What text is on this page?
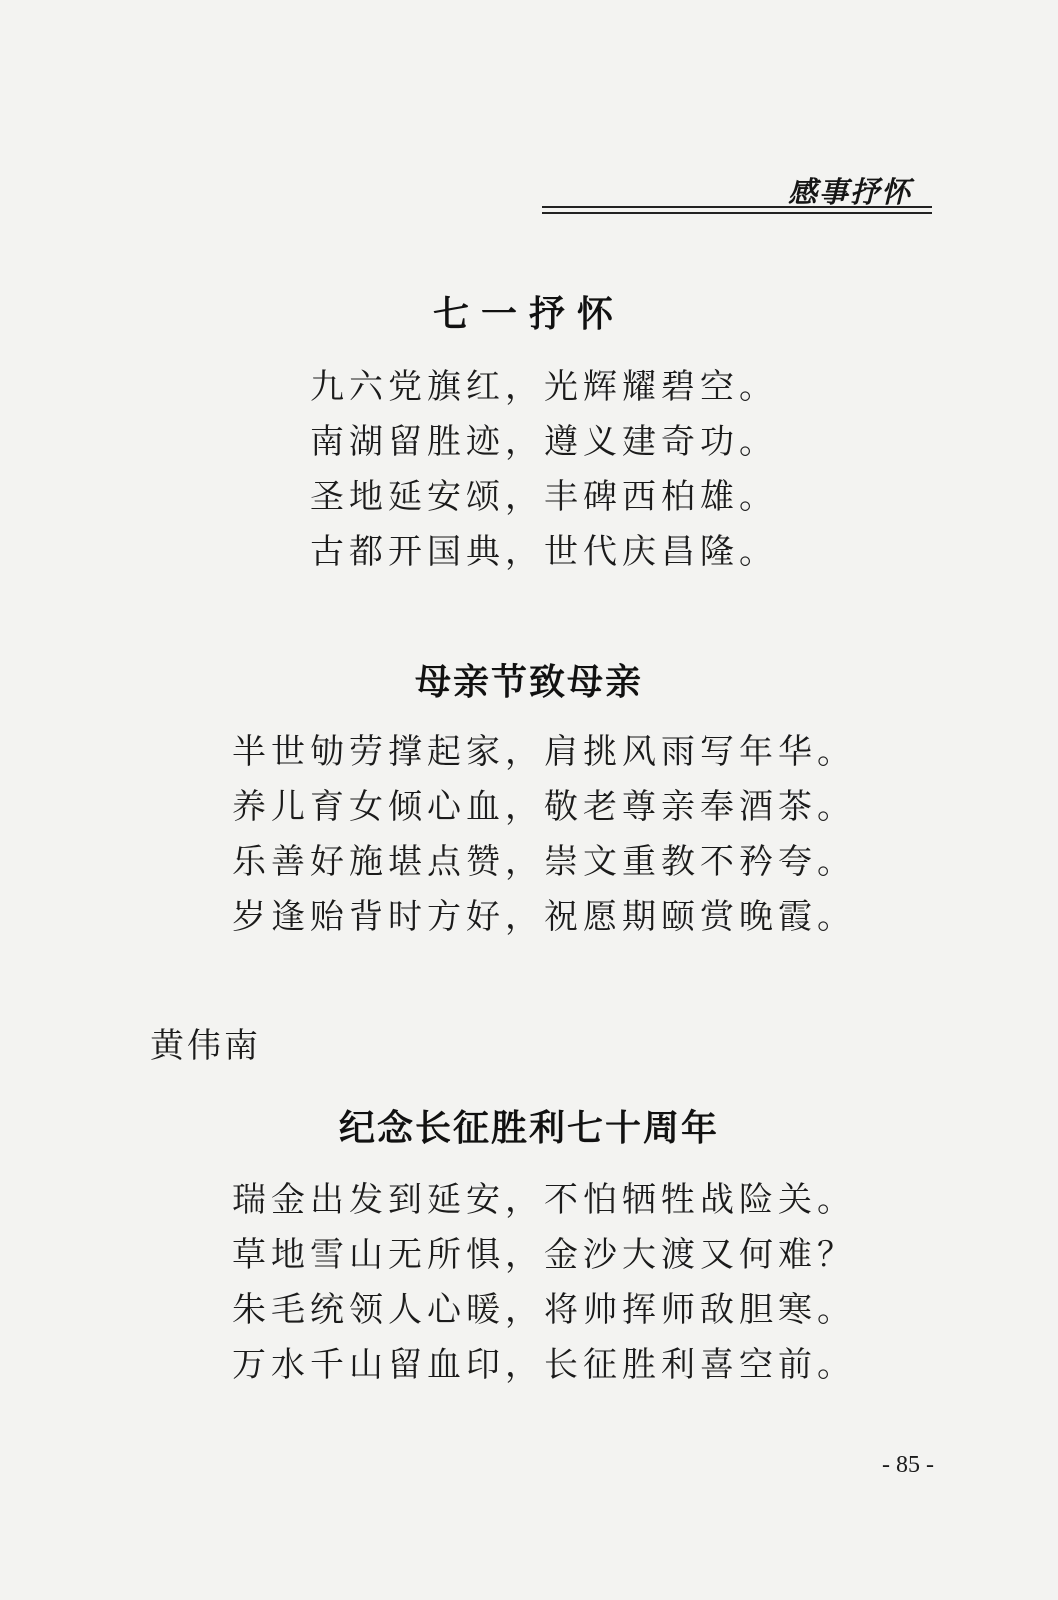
感事抒怀
七一抒怀
九六党旗红，光辉耀碧空。
南湖留胜迹，遵义建奇功。
圣地延安颂，丰碑西柏雄。
古都开国典，世代庆昌隆。
母亲节致母亲
半世劬劳撑起家，肩挑风雨写年华。
养儿育女倾心血，敬老尊亲奉酒茶。
乐善好施堪点赞，崇文重教不矜夸。
岁逢贻背时方好，祝愿期颐赏晚霞。
黄伟南
纪念长征胜利七十周年
瑞金出发到延安，不怕牺牲战险关。
草地雪山无所惧，金沙大渡又何难？
朱毛统领人心暖，将帅挥师敌胆寒。
万水千山留血印，长征胜利喜空前。
- 85 -
